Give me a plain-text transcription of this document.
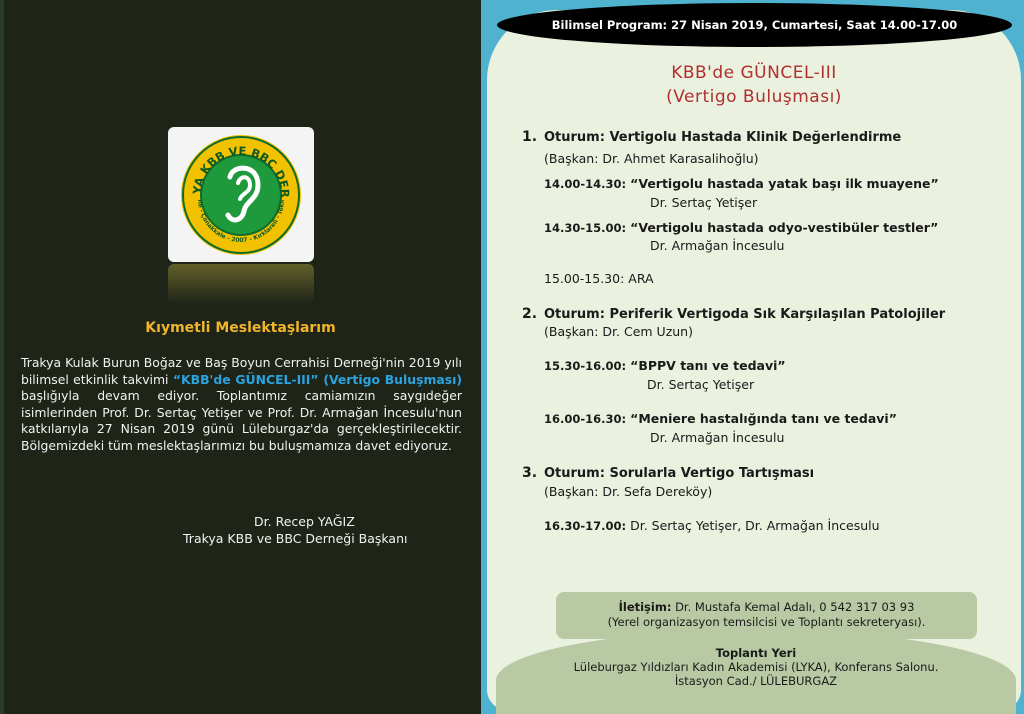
YA KBB VE BBC DER
ne - Çanakkale - 2007 - Kırklareli - Tekir
Kıymetli Meslektaşlarım
Trakya Kulak Burun Boğaz ve Baş Boyun Cerrahisi Derneği'nin 2019 yılı bilimsel etkinlik takvimi “KBB'de GÜNCEL-III” (Vertigo Buluşması) başlığıyla devam ediyor. Toplantımız camiamızın saygıdeğer isimlerinden Prof. Dr. Sertaç Yetişer ve Prof. Dr. Armağan İncesulu'nun katkılarıyla 27 Nisan 2019 günü Lüleburgaz'da gerçekleştirilecektir. Bölgemizdeki tüm meslektaşlarımızı bu buluşmamıza davet ediyoruz.
Dr. Recep YAĞIZ
Trakya KBB ve BBC Derneği Başkanı
Bilimsel Program: 27 Nisan 2019, Cumartesi, Saat 14.00-17.00
KBB'de GÜNCEL-III
(Vertigo Buluşması)
1. Oturum: Vertigolu Hastada Klinik Değerlendirme
(Başkan: Dr. Ahmet Karasalihoğlu)
14.00-14.30: “Vertigolu hastada yatak başı ilk muayene”
Dr. Sertaç Yetişer
14.30-15.00: “Vertigolu hastada odyo-vestibüler testler”
Dr. Armağan İncesulu
15.00-15.30: ARA
2. Oturum: Periferik Vertigoda Sık Karşılaşılan Patolojiler
(Başkan: Dr. Cem Uzun)
15.30-16.00: “BPPV tanı ve tedavi”
Dr. Sertaç Yetişer
16.00-16.30: “Meniere hastalığında tanı ve tedavi”
Dr. Armağan İncesulu
3. Oturum: Sorularla Vertigo Tartışması
(Başkan: Dr. Sefa Dereköy)
16.30-17.00: Dr. Sertaç Yetişer, Dr. Armağan İncesulu
Toplantı Yeri
Lüleburgaz Yıldızları Kadın Akademisi (LYKA), Konferans Salonu.
İstasyon Cad./ LÜLEBURGAZ
İletişim: Dr. Mustafa Kemal Adalı, 0 542 317 03 93
(Yerel organizasyon temsilcisi ve Toplantı sekreteryası).
